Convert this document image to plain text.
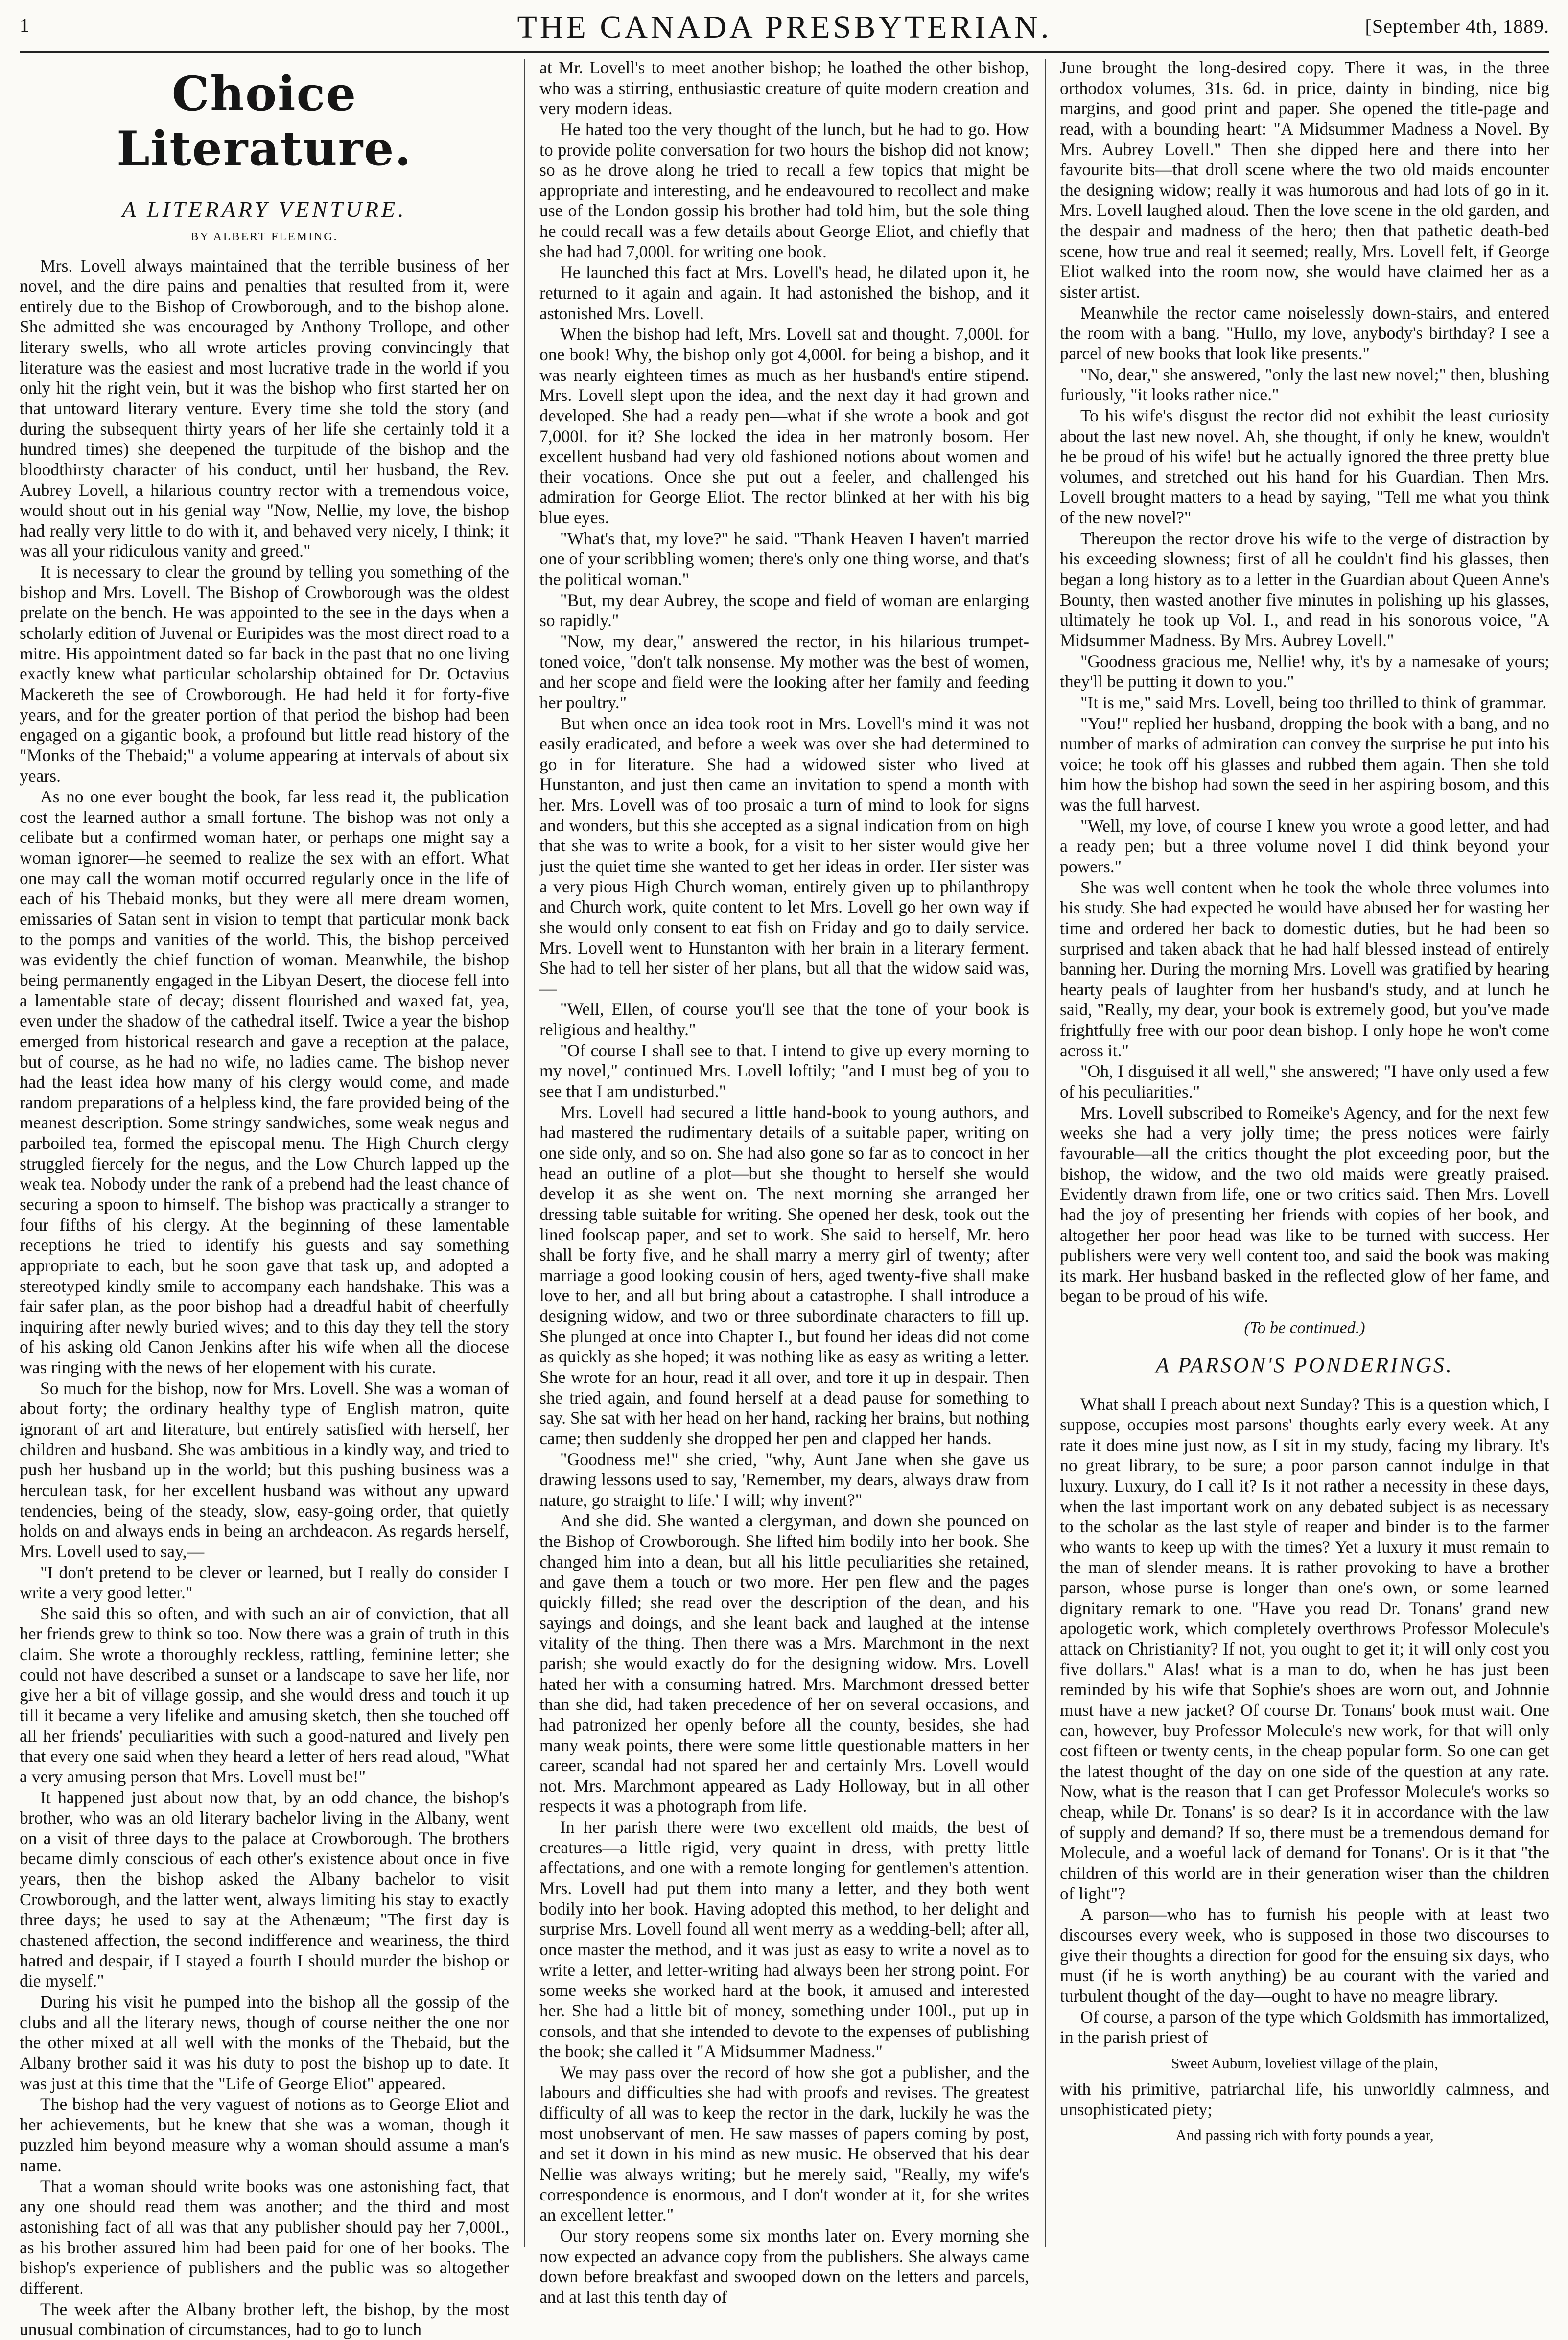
1	THE CANADA PRESBYTERIAN.	[September 4th, 1889.
Choice Literature.
A LITERARY VENTURE.
BY ALBERT FLEMING.

Mrs. Lovell always maintained that the terrible business of her novel, and the dire pains and penalties that resulted from it, were entirely due to the Bishop of Crowborough, and to the bishop alone. She admitted she was encouraged by Anthony Trollope, and other literary swells, who all wrote articles proving convincingly that literature was the easiest and most lucrative trade in the world if you only hit the right vein, but it was the bishop who first started her on that untoward literary venture. Every time she told the story (and during the subsequent thirty years of her life she certainly told it a hundred times) she deepened the turpitude of the bishop and the bloodthirsty character of his conduct, until her husband, the Rev. Aubrey Lovell, a hilarious country rector with a tremendous voice, would shout out in his genial way "Now, Nellie, my love, the bishop had really very little to do with it, and behaved very nicely, I think; it was all your ridiculous vanity and greed."

It is necessary to clear the ground by telling you something of the bishop and Mrs. Lovell. The Bishop of Crowborough was the oldest prelate on the bench. He was appointed to the see in the days when a scholarly edition of Juvenal or Euripides was the most direct road to a mitre. His appointment dated so far back in the past that no one living exactly knew what particular scholarship obtained for Dr. Octavius Mackereth the see of Crowborough. He had held it for forty-five years, and for the greater portion of that period the bishop had been engaged on a gigantic book, a profound but little read history of the "Monks of the Thebaid;" a volume appearing at intervals of about six years.

As no one ever bought the book, far less read it, the publication cost the learned author a small fortune. The bishop was not only a celibate but a confirmed woman hater, or perhaps one might say a woman ignorer—he seemed to realize the sex with an effort. What one may call the woman motif occurred regularly once in the life of each of his Thebaid monks, but they were all mere dream women, emissaries of Satan sent in vision to tempt that particular monk back to the pomps and vanities of the world. This, the bishop perceived was evidently the chief function of woman. Meanwhile, the bishop being permanently engaged in the Libyan Desert, the diocese fell into a lamentable state of decay; dissent flourished and waxed fat, yea, even under the shadow of the cathedral itself. Twice a year the bishop emerged from historical research and gave a reception at the palace, but of course, as he had no wife, no ladies came. The bishop never had the least idea how many of his clergy would come, and made random preparations of a helpless kind, the fare provided being of the meanest description. Some stringy sandwiches, some weak negus and parboiled tea, formed the episcopal menu. The High Church clergy struggled fiercely for the negus, and the Low Church lapped up the weak tea. Nobody under the rank of a prebend had the least chance of securing a spoon to himself. The bishop was practically a stranger to four fifths of his clergy. At the beginning of these lamentable receptions he tried to identify his guests and say something appropriate to each, but he soon gave that task up, and adopted a stereotyped kindly smile to accompany each handshake. This was a fair safer plan, as the poor bishop had a dreadful habit of cheerfully inquiring after newly buried wives; and to this day they tell the story of his asking old Canon Jenkins after his wife when all the diocese was ringing with the news of her elopement with his curate.

So much for the bishop, now for Mrs. Lovell. She was a woman of about forty; the ordinary healthy type of English matron, quite ignorant of art and literature, but entirely satisfied with herself, her children and husband. She was ambitious in a kindly way, and tried to push her husband up in the world; but this pushing business was a herculean task, for her excellent husband was without any upward tendencies, being of the steady, slow, easy-going order, that quietly holds on and always ends in being an archdeacon. As regards herself, Mrs. Lovell used to say,—

"I don't pretend to be clever or learned, but I really do consider I write a very good letter."

She said this so often, and with such an air of conviction, that all her friends grew to think so too. Now there was a grain of truth in this claim. She wrote a thoroughly reckless, rattling, feminine letter; she could not have described a sunset or a landscape to save her life, nor give her a bit of village gossip, and she would dress and touch it up till it became a very lifelike and amusing sketch, then she touched off all her friends' peculiarities with such a good-natured and lively pen that every one said when they heard a letter of hers read aloud, "What a very amusing person that Mrs. Lovell must be!"

It happened just about now that, by an odd chance, the bishop's brother, who was an old literary bachelor living in the Albany, went on a visit of three days to the palace at Crowborough. The brothers became dimly conscious of each other's existence about once in five years, then the bishop asked the Albany bachelor to visit Crowborough, and the latter went, always limiting his stay to exactly three days; he used to say at the Athenæum; "The first day is chastened affection, the second indifference and weariness, the third hatred and despair, if I stayed a fourth I should murder the bishop or die myself."

During his visit he pumped into the bishop all the gossip of the clubs and all the literary news, though of course neither the one nor the other mixed at all well with the monks of the Thebaid, but the Albany brother said it was his duty to post the bishop up to date. It was just at this time that the "Life of George Eliot" appeared.

The bishop had the very vaguest of notions as to George Eliot and her achievements, but he knew that she was a woman, though it puzzled him beyond measure why a woman should assume a man's name.

That a woman should write books was one astonishing fact, that any one should read them was another; and the third and most astonishing fact of all was that any publisher should pay her 7,000l., as his brother assured him had been paid for one of her books. The bishop's experience of publishers and the public was so altogether different.

The week after the Albany brother left, the bishop, by the most unusual combination of circumstances, had to go to lunch

at Mr. Lovell's to meet another bishop; he loathed the other bishop, who was a stirring, enthusiastic creature of quite modern creation and very modern ideas.

He hated too the very thought of the lunch, but he had to go. How to provide polite conversation for two hours the bishop did not know; so as he drove along he tried to recall a few topics that might be appropriate and interesting, and he endeavoured to recollect and make use of the London gossip his brother had told him, but the sole thing he could recall was a few details about George Eliot, and chiefly that she had had 7,000l. for writing one book.

He launched this fact at Mrs. Lovell's head, he dilated upon it, he returned to it again and again. It had astonished the bishop, and it astonished Mrs. Lovell.

When the bishop had left, Mrs. Lovell sat and thought. 7,000l. for one book! Why, the bishop only got 4,000l. for being a bishop, and it was nearly eighteen times as much as her husband's entire stipend. Mrs. Lovell slept upon the idea, and the next day it had grown and developed. She had a ready pen—what if she wrote a book and got 7,000l. for it? She locked the idea in her matronly bosom. Her excellent husband had very old fashioned notions about women and their vocations. Once she put out a feeler, and challenged his admiration for George Eliot. The rector blinked at her with his big blue eyes.

"What's that, my love?" he said. "Thank Heaven I haven't married one of your scribbling women; there's only one thing worse, and that's the political woman."

"But, my dear Aubrey, the scope and field of woman are enlarging so rapidly."

"Now, my dear," answered the rector, in his hilarious trumpet-toned voice, "don't talk nonsense. My mother was the best of women, and her scope and field were the looking after her family and feeding her poultry."

But when once an idea took root in Mrs. Lovell's mind it was not easily eradicated, and before a week was over she had determined to go in for literature. She had a widowed sister who lived at Hunstanton, and just then came an invitation to spend a month with her. Mrs. Lovell was of too prosaic a turn of mind to look for signs and wonders, but this she accepted as a signal indication from on high that she was to write a book, for a visit to her sister would give her just the quiet time she wanted to get her ideas in order. Her sister was a very pious High Church woman, entirely given up to philanthropy and Church work, quite content to let Mrs. Lovell go her own way if she would only consent to eat fish on Friday and go to daily service. Mrs. Lovell went to Hunstanton with her brain in a literary ferment. She had to tell her sister of her plans, but all that the widow said was,—

"Well, Ellen, of course you'll see that the tone of your book is religious and healthy."

"Of course I shall see to that. I intend to give up every morning to my novel," continued Mrs. Lovell loftily; "and I must beg of you to see that I am undisturbed."

Mrs. Lovell had secured a little hand-book to young authors, and had mastered the rudimentary details of a suitable paper, writing on one side only, and so on. She had also gone so far as to concoct in her head an outline of a plot—but she thought to herself she would develop it as she went on. The next morning she arranged her dressing table suitable for writing. She opened her desk, took out the lined foolscap paper, and set to work. She said to herself, Mr. hero shall be forty five, and he shall marry a merry girl of twenty; after marriage a good looking cousin of hers, aged twenty-five shall make love to her, and all but bring about a catastrophe. I shall introduce a designing widow, and two or three subordinate characters to fill up. She plunged at once into Chapter I., but found her ideas did not come as quickly as she hoped; it was nothing like as easy as writing a letter. She wrote for an hour, read it all over, and tore it up in despair. Then she tried again, and found herself at a dead pause for something to say. She sat with her head on her hand, racking her brains, but nothing came; then suddenly she dropped her pen and clapped her hands.

"Goodness me!" she cried, "why, Aunt Jane when she gave us drawing lessons used to say, 'Remember, my dears, always draw from nature, go straight to life.' I will; why invent?"

And she did. She wanted a clergyman, and down she pounced on the Bishop of Crowborough. She lifted him bodily into her book. She changed him into a dean, but all his little peculiarities she retained, and gave them a touch or two more. Her pen flew and the pages quickly filled; she read over the description of the dean, and his sayings and doings, and she leant back and laughed at the intense vitality of the thing. Then there was a Mrs. Marchmont in the next parish; she would exactly do for the designing widow. Mrs. Lovell hated her with a consuming hatred. Mrs. Marchmont dressed better than she did, had taken precedence of her on several occasions, and had patronized her openly before all the county, besides, she had many weak points, there were some little questionable matters in her career, scandal had not spared her and certainly Mrs. Lovell would not. Mrs. Marchmont appeared as Lady Holloway, but in all other respects it was a photograph from life.

In her parish there were two excellent old maids, the best of creatures—a little rigid, very quaint in dress, with pretty little affectations, and one with a remote longing for gentlemen's attention. Mrs. Lovell had put them into many a letter, and they both went bodily into her book. Having adopted this method, to her delight and surprise Mrs. Lovell found all went merry as a wedding-bell; after all, once master the method, and it was just as easy to write a novel as to write a letter, and letter-writing had always been her strong point. For some weeks she worked hard at the book, it amused and interested her. She had a little bit of money, something under 100l., put up in consols, and that she intended to devote to the expenses of publishing the book; she called it "A Midsummer Madness."

We may pass over the record of how she got a publisher, and the labours and difficulties she had with proofs and revises. The greatest difficulty of all was to keep the rector in the dark, luckily he was the most unobservant of men. He saw masses of papers coming by post, and set it down in his mind as new music. He observed that his dear Nellie was always writing; but he merely said, "Really, my wife's correspondence is enormous, and I don't wonder at it, for she writes an excellent letter."

Our story reopens some six months later on. Every morning she now expected an advance copy from the publishers. She always came down before breakfast and swooped down on the letters and parcels, and at last this tenth day of

June brought the long-desired copy. There it was, in the three orthodox volumes, 31s. 6d. in price, dainty in binding, nice big margins, and good print and paper. She opened the title-page and read, with a bounding heart: "A Midsummer Madness a Novel. By Mrs. Aubrey Lovell." Then she dipped here and there into her favourite bits—that droll scene where the two old maids encounter the designing widow; really it was humorous and had lots of go in it. Mrs. Lovell laughed aloud. Then the love scene in the old garden, and the despair and madness of the hero; then that pathetic death-bed scene, how true and real it seemed; really, Mrs. Lovell felt, if George Eliot walked into the room now, she would have claimed her as a sister artist.

Meanwhile the rector came noiselessly down-stairs, and entered the room with a bang. "Hullo, my love, anybody's birthday? I see a parcel of new books that look like presents."

"No, dear," she answered, "only the last new novel;" then, blushing furiously, "it looks rather nice."

To his wife's disgust the rector did not exhibit the least curiosity about the last new novel. Ah, she thought, if only he knew, wouldn't he be proud of his wife! but he actually ignored the three pretty blue volumes, and stretched out his hand for his Guardian. Then Mrs. Lovell brought matters to a head by saying, "Tell me what you think of the new novel?"

Thereupon the rector drove his wife to the verge of distraction by his exceeding slowness; first of all he couldn't find his glasses, then began a long history as to a letter in the Guardian about Queen Anne's Bounty, then wasted another five minutes in polishing up his glasses, ultimately he took up Vol. I., and read in his sonorous voice, "A Midsummer Madness. By Mrs. Aubrey Lovell."

"Goodness gracious me, Nellie! why, it's by a namesake of yours; they'll be putting it down to you."

"It is me," said Mrs. Lovell, being too thrilled to think of grammar.

"You!" replied her husband, dropping the book with a bang, and no number of marks of admiration can convey the surprise he put into his voice; he took off his glasses and rubbed them again. Then she told him how the bishop had sown the seed in her aspiring bosom, and this was the full harvest.

"Well, my love, of course I knew you wrote a good letter, and had a ready pen; but a three volume novel I did think beyond your powers."

She was well content when he took the whole three volumes into his study. She had expected he would have abused her for wasting her time and ordered her back to domestic duties, but he had been so surprised and taken aback that he had half blessed instead of entirely banning her. During the morning Mrs. Lovell was gratified by hearing hearty peals of laughter from her husband's study, and at lunch he said, "Really, my dear, your book is extremely good, but you've made frightfully free with our poor dean bishop. I only hope he won't come across it."

"Oh, I disguised it all well," she answered; "I have only used a few of his peculiarities."

Mrs. Lovell subscribed to Romeike's Agency, and for the next few weeks she had a very jolly time; the press notices were fairly favourable—all the critics thought the plot exceeding poor, but the bishop, the widow, and the two old maids were greatly praised. Evidently drawn from life, one or two critics said. Then Mrs. Lovell had the joy of presenting her friends with copies of her book, and altogether her poor head was like to be turned with success. Her publishers were very well content too, and said the book was making its mark. Her husband basked in the reflected glow of her fame, and began to be proud of his wife.

(To be continued.)
A PARSON'S PONDERINGS.

What shall I preach about next Sunday? This is a question which, I suppose, occupies most parsons' thoughts early every week. At any rate it does mine just now, as I sit in my study, facing my library. It's no great library, to be sure; a poor parson cannot indulge in that luxury. Luxury, do I call it? Is it not rather a necessity in these days, when the last important work on any debated subject is as necessary to the scholar as the last style of reaper and binder is to the farmer who wants to keep up with the times? Yet a luxury it must remain to the man of slender means. It is rather provoking to have a brother parson, whose purse is longer than one's own, or some learned dignitary remark to one. "Have you read Dr. Tonans' grand new apologetic work, which completely overthrows Professor Molecule's attack on Christianity? If not, you ought to get it; it will only cost you five dollars." Alas! what is a man to do, when he has just been reminded by his wife that Sophie's shoes are worn out, and Johnnie must have a new jacket? Of course Dr. Tonans' book must wait. One can, however, buy Professor Molecule's new work, for that will only cost fifteen or twenty cents, in the cheap popular form. So one can get the latest thought of the day on one side of the question at any rate. Now, what is the reason that I can get Professor Molecule's works so cheap, while Dr. Tonans' is so dear? Is it in accordance with the law of supply and demand? If so, there must be a tremendous demand for Molecule, and a woeful lack of demand for Tonans'. Or is it that "the children of this world are in their generation wiser than the children of light"?

A parson—who has to furnish his people with at least two discourses every week, who is supposed in those two discourses to give their thoughts a direction for good for the ensuing six days, who must (if he is worth anything) be au courant with the varied and turbulent thought of the day—ought to have no meagre library.

Of course, a parson of the type which Goldsmith has immortalized, in the parish priest of

Sweet Auburn, loveliest village of the plain,

with his primitive, patriarchal life, his unworldly calmness, and unsophisticated piety;

And passing rich with forty pounds a year,
